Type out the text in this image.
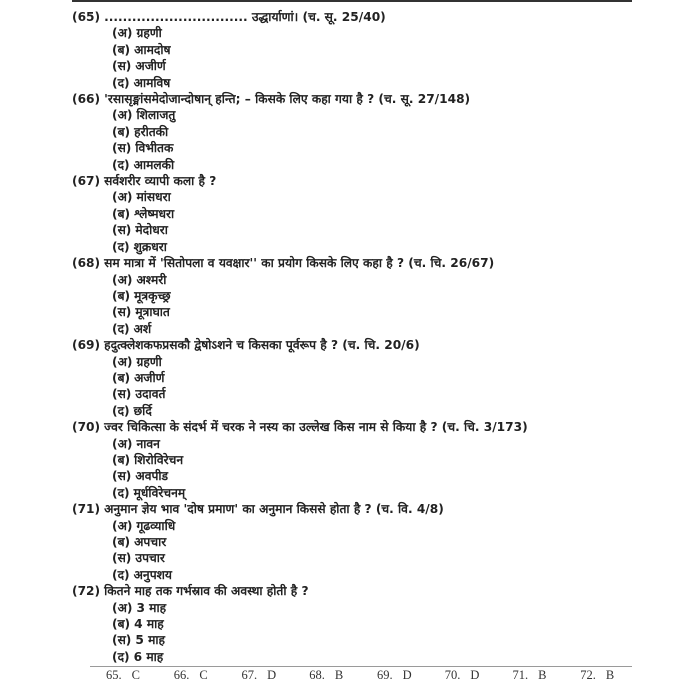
(65) ............................... उद्धार्याणां। (च. सू. 25/40)
(अ) ग्रहणी
(ब) आमदोष
(स) अजीर्ण
(द) आमविष
(66) 'रसासृङ्मांसमेदोजान्दोषान् हन्ति; – किसके लिए कहा गया है ? (च. सू. 27/148)
(अ) शिलाजतु
(ब) हरीतकी
(स) विभीतक
(द) आमलकी
(67) सर्वशरीर व्यापी कला है ?
(अ) मांसधरा
(ब) श्लेष्मधरा
(स) मेदोधरा
(द) शुक्रधरा
(68) सम मात्रा में 'सितोपला व यवक्षार'' का प्रयोग किसके लिए कहा है ? (च. चि. 26/67)
(अ) अश्मरी
(ब) मूत्रकृच्छ्र
(स) मूत्राघात
(द) अर्श
(69) हदुत्क्लेशकफप्रसकौ द्वेषोऽशने च किसका पूर्वरूप है ? (च. चि. 20/6)
(अ) ग्रहणी
(ब) अजीर्ण
(स) उदावर्त
(द) छर्दि
(70) ज्वर चिकित्सा के संदर्भ में चरक ने नस्य का उल्लेख किस नाम से किया है ? (च. चि. 3/173)
(अ) नावन
(ब) शिरोविरेचन
(स) अवपीड
(द) मूर्धविरेचनम्
(71) अनुमान ज्ञेय भाव 'दोष प्रमाण' का अनुमान किससे होता है ? (च. वि. 4/8)
(अ) गूढव्याधि
(ब) अपचार
(स) उपचार
(द) अनुपशय
(72) कितने माह तक गर्भस्राव की अवस्था होती है ?
(अ) 3 माह
(ब) 4 माह
(स) 5 माह
(द) 6 माह
65. C	66. C	67. D	68. B	69. D	70. D	71. B	72. B
